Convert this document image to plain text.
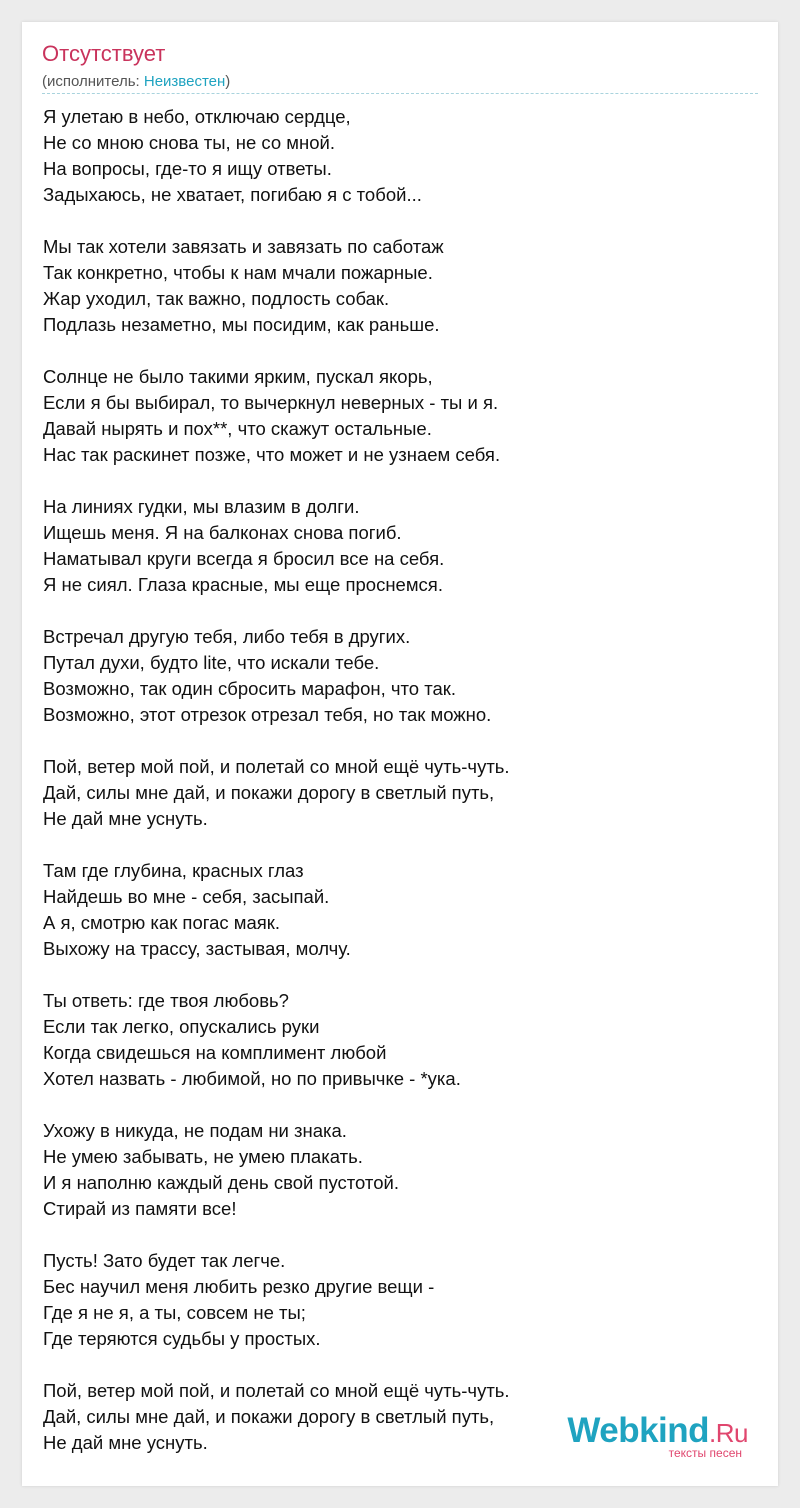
Отсутствует
(исполнитель: Неизвестен)
Я улетаю в небо, отключаю сердце,
Не со мною снова ты, не со мной.
На вопросы, где-то я ищу ответы.
Задыхаюсь, не хватает, погибаю я с тобой...
Мы так хотели завязать и завязать по саботаж
Так конкретно, чтобы к нам мчали пожарные.
Жар уходил, так важно, подлость собак.
Подлазь незаметно, мы посидим, как раньше.
Солнце не было такими ярким, пускал якорь,
Если я бы выбирал, то вычеркнул неверных - ты и я.
Давай нырять и пох**, что скажут остальные.
Нас так раскинет позже, что может и не узнаем себя.
На линиях гудки, мы влазим в долги.
Ищешь меня. Я на балконах снова погиб.
Наматывал круги всегда я бросил все на себя.
Я не сиял. Глаза красные, мы еще проснемся.
Встречал другую тебя, либо тебя в других.
Путал духи, будто lite, что искали тебе.
Возможно, так один сбросить марафон, что так.
Возможно, этот отрезок отрезал тебя, но так можно.
Пой, ветер мой пой, и полетай со мной ещё чуть-чуть.
Дай, силы мне дай, и покажи дорогу в светлый путь,
Не дай мне уснуть.
Там где глубина, красных глаз
Найдешь во мне - себя, засыпай.
А я, смотрю как погас маяк.
Выхожу на трассу, застывая, молчу.
Ты ответь: где твоя любовь?
Если так легко, опускались руки
Когда свидешься на комплимент любой
Хотел назвать - любимой, но по привычке - *ука.
Ухожу в никуда, не подам ни знака.
Не умею забывать, не умею плакать.
И я наполню каждый день свой пустотой.
Стирай из памяти все!
Пусть! Зато будет так легче.
Бес научил меня любить резко другие вещи -
Где я не я, а ты, совсем не ты;
Где теряются судьбы у простых.
Пой, ветер мой пой, и полетай со мной ещё чуть-чуть.
Дай, силы мне дай, и покажи дорогу в светлый путь,
Не дай мне уснуть.	Webkind.Ru
тексты песен
